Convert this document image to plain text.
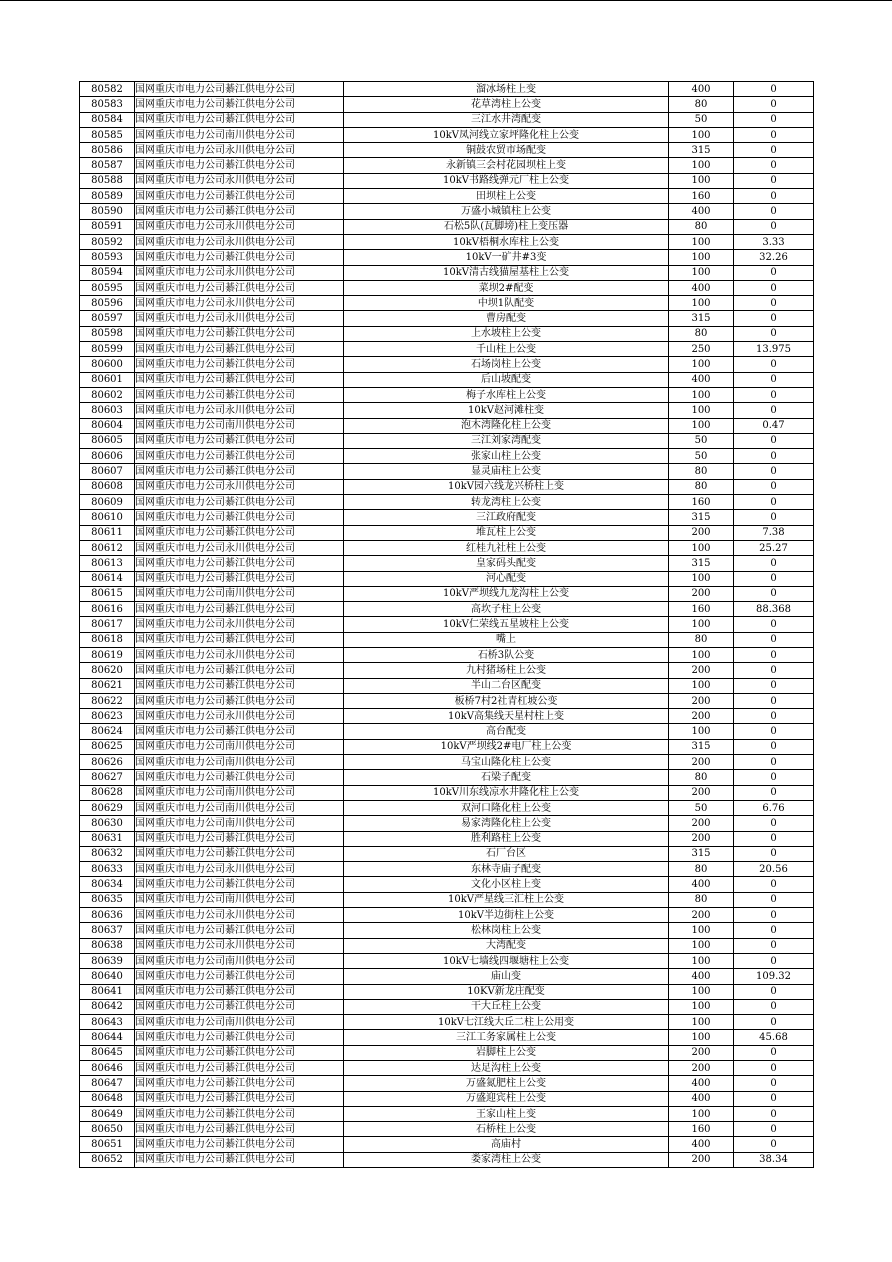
80582	国网重庆市电力公司綦江供电分公司	溜冰场柱上变	400	0
80583	国网重庆市电力公司綦江供电分公司	花草湾柱上公变	80	0
80584	国网重庆市电力公司綦江供电分公司	三江水井湾配变	50	0
80585	国网重庆市电力公司南川供电分公司	10kV凤河线立家坪隆化柱上公变	100	0
80586	国网重庆市电力公司永川供电分公司	铜鼓农贸市场配变	315	0
80587	国网重庆市电力公司綦江供电分公司	永新镇三会村花园坝柱上变	100	0
80588	国网重庆市电力公司永川供电分公司	10kV书路线弹元厂柱上公变	100	0
80589	国网重庆市电力公司綦江供电分公司	田坝柱上公变	160	0
80590	国网重庆市电力公司綦江供电分公司	万盛小城镇柱上公变	400	0
80591	国网重庆市电力公司永川供电分公司	石松5队(瓦脚塝)柱上变压器	80	0
80592	国网重庆市电力公司永川供电分公司	10kV梧桐水库柱上公变	100	3.33
80593	国网重庆市电力公司綦江供电分公司	10kV一矿井#3变	100	32.26
80594	国网重庆市电力公司永川供电分公司	10kV清古线猫屋基柱上公变	100	0
80595	国网重庆市电力公司綦江供电分公司	菜坝2#配变	400	0
80596	国网重庆市电力公司永川供电分公司	中坝1队配变	100	0
80597	国网重庆市电力公司永川供电分公司	曹房配变	315	0
80598	国网重庆市电力公司綦江供电分公司	上水坡柱上公变	80	0
80599	国网重庆市电力公司綦江供电分公司	千山柱上公变	250	13.975
80600	国网重庆市电力公司綦江供电分公司	石场岗柱上公变	100	0
80601	国网重庆市电力公司綦江供电分公司	后山坡配变	400	0
80602	国网重庆市电力公司綦江供电分公司	梅子水库柱上公变	100	0
80603	国网重庆市电力公司永川供电分公司	10kV赵河滩柱变	100	0
80604	国网重庆市电力公司南川供电分公司	泡木湾隆化柱上公变	100	0.47
80605	国网重庆市电力公司綦江供电分公司	三江刘家湾配变	50	0
80606	国网重庆市电力公司綦江供电分公司	张家山柱上公变	50	0
80607	国网重庆市电力公司綦江供电分公司	显灵庙柱上公变	80	0
80608	国网重庆市电力公司永川供电分公司	10kV园六线龙兴桥柱上变	80	0
80609	国网重庆市电力公司綦江供电分公司	转龙湾柱上公变	160	0
80610	国网重庆市电力公司綦江供电分公司	三江政府配变	315	0
80611	国网重庆市电力公司綦江供电分公司	堆瓦柱上公变	200	7.38
80612	国网重庆市电力公司永川供电分公司	红桂九社柱上公变	100	25.27
80613	国网重庆市电力公司綦江供电分公司	皇家码头配变	315	0
80614	国网重庆市电力公司綦江供电分公司	河心配变	100	0
80615	国网重庆市电力公司南川供电分公司	10kV严坝线九龙沟柱上公变	200	0
80616	国网重庆市电力公司綦江供电分公司	高坎子柱上公变	160	88.368
80617	国网重庆市电力公司永川供电分公司	10kV仁荣线五星坡柱上公变	100	0
80618	国网重庆市电力公司綦江供电分公司	嘴上	80	0
80619	国网重庆市电力公司永川供电分公司	石桥3队公变	100	0
80620	国网重庆市电力公司綦江供电分公司	九村猪场柱上公变	200	0
80621	国网重庆市电力公司綦江供电分公司	半山二台区配变	100	0
80622	国网重庆市电力公司綦江供电分公司	板桥7村2社青杠坡公变	200	0
80623	国网重庆市电力公司永川供电分公司	10kV高集线天星村柱上变	200	0
80624	国网重庆市电力公司綦江供电分公司	高台配变	100	0
80625	国网重庆市电力公司南川供电分公司	10kV严坝线2#电厂柱上公变	315	0
80626	国网重庆市电力公司南川供电分公司	马宝山隆化柱上公变	200	0
80627	国网重庆市电力公司綦江供电分公司	石梁子配变	80	0
80628	国网重庆市电力公司南川供电分公司	10kV川东线凉水井隆化柱上公变	200	0
80629	国网重庆市电力公司南川供电分公司	双河口隆化柱上公变	50	6.76
80630	国网重庆市电力公司南川供电分公司	易家湾隆化柱上公变	200	0
80631	国网重庆市电力公司綦江供电分公司	胜利路柱上公变	200	0
80632	国网重庆市电力公司綦江供电分公司	石厂台区	315	0
80633	国网重庆市电力公司永川供电分公司	东林寺庙子配变	80	20.56
80634	国网重庆市电力公司綦江供电分公司	文化小区柱上变	400	0
80635	国网重庆市电力公司南川供电分公司	10kV严星线三汇柱上公变	80	0
80636	国网重庆市电力公司永川供电分公司	10kV半边街柱上公变	200	0
80637	国网重庆市电力公司綦江供电分公司	松林岗柱上公变	100	0
80638	国网重庆市电力公司永川供电分公司	大湾配变	100	0
80639	国网重庆市电力公司南川供电分公司	10kV七墙线四堰塘柱上公变	100	0
80640	国网重庆市电力公司綦江供电分公司	庙山变	400	109.32
80641	国网重庆市电力公司綦江供电分公司	10KV新龙庄配变	100	0
80642	国网重庆市电力公司綦江供电分公司	干大丘柱上公变	100	0
80643	国网重庆市电力公司南川供电分公司	10kV七江线大丘二柱上公用变	100	0
80644	国网重庆市电力公司綦江供电分公司	三江工务家属柱上公变	100	45.68
80645	国网重庆市电力公司綦江供电分公司	岩脚柱上公变	200	0
80646	国网重庆市电力公司綦江供电分公司	达足沟柱上公变	200	0
80647	国网重庆市电力公司綦江供电分公司	万盛氮肥柱上公变	400	0
80648	国网重庆市电力公司綦江供电分公司	万盛迎宾柱上公变	400	0
80649	国网重庆市电力公司綦江供电分公司	王家山柱上变	100	0
80650	国网重庆市电力公司綦江供电分公司	石桥柱上公变	160	0
80651	国网重庆市电力公司綦江供电分公司	高庙村	400	0
80652	国网重庆市电力公司綦江供电分公司	娄家湾柱上公变	200	38.34
